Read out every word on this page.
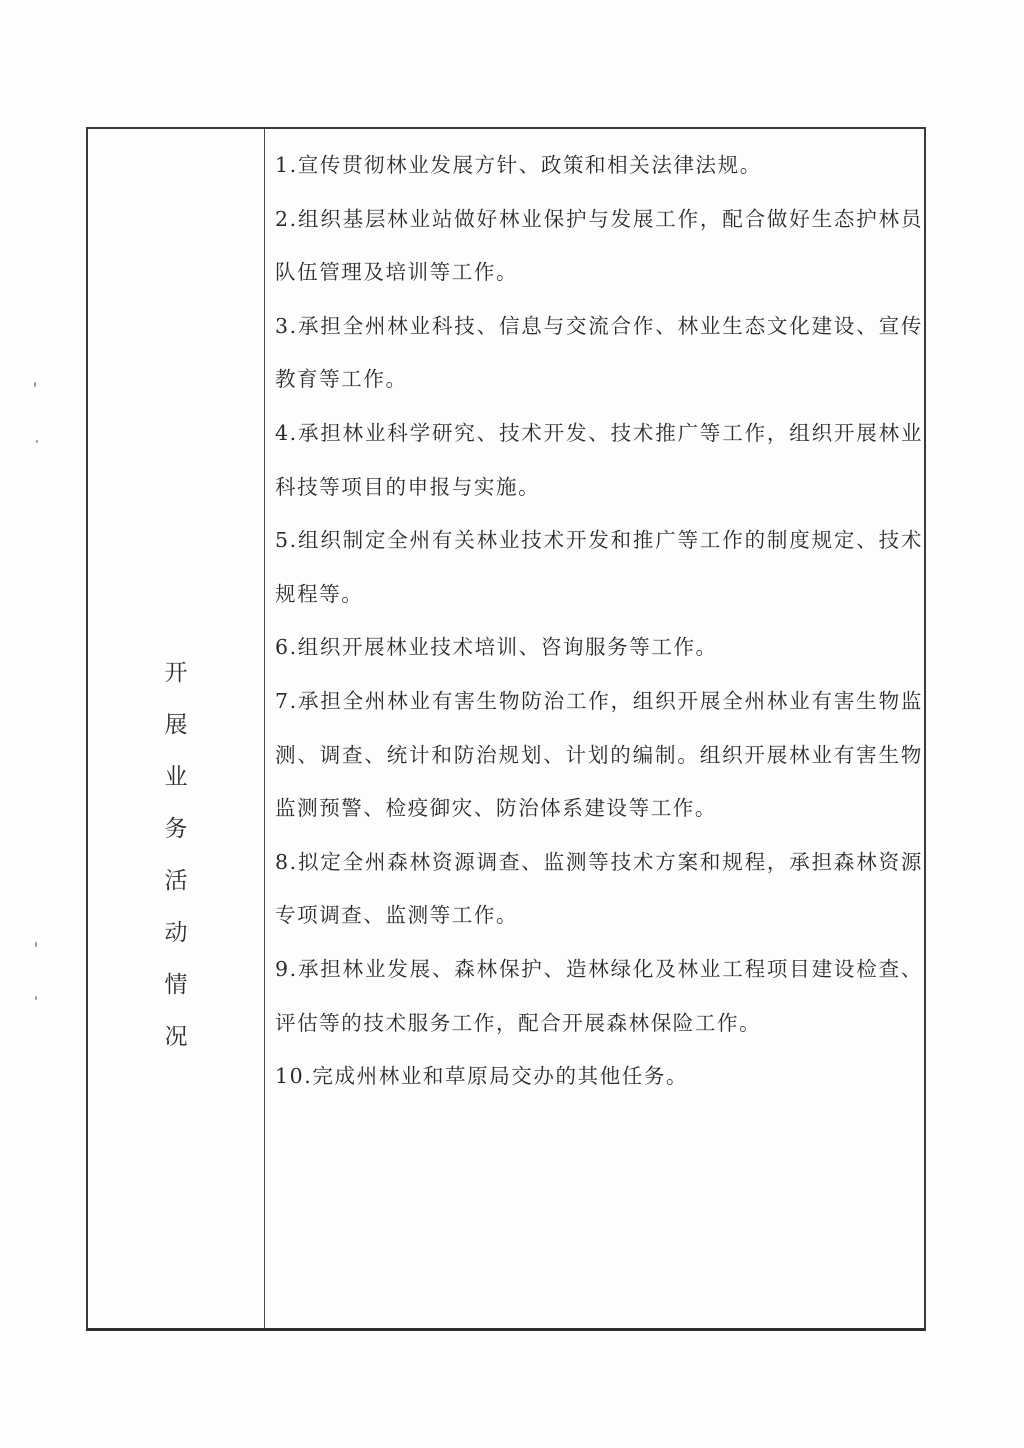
开
展
业
务
活
动
情
况

1.宣传贯彻林业发展方针、政策和相关法律法规。

2.组织基层林业站做好林业保护与发展工作，配合做好生态护林员队伍管理及培训等工作。

3.承担全州林业科技、信息与交流合作、林业生态文化建设、宣传教育等工作。

4.承担林业科学研究、技术开发、技术推广等工作，组织开展林业科技等项目的申报与实施。

5.组织制定全州有关林业技术开发和推广等工作的制度规定、技术规程等。

6.组织开展林业技术培训、咨询服务等工作。

7.承担全州林业有害生物防治工作，组织开展全州林业有害生物监测、调查、统计和防治规划、计划的编制。组织开展林业有害生物监测预警、检疫御灾、防治体系建设等工作。

8.拟定全州森林资源调查、监测等技术方案和规程，承担森林资源专项调查、监测等工作。

9.承担林业发展、森林保护、造林绿化及林业工程项目建设检查、评估等的技术服务工作，配合开展森林保险工作。

10.完成州林业和草原局交办的其他任务。
